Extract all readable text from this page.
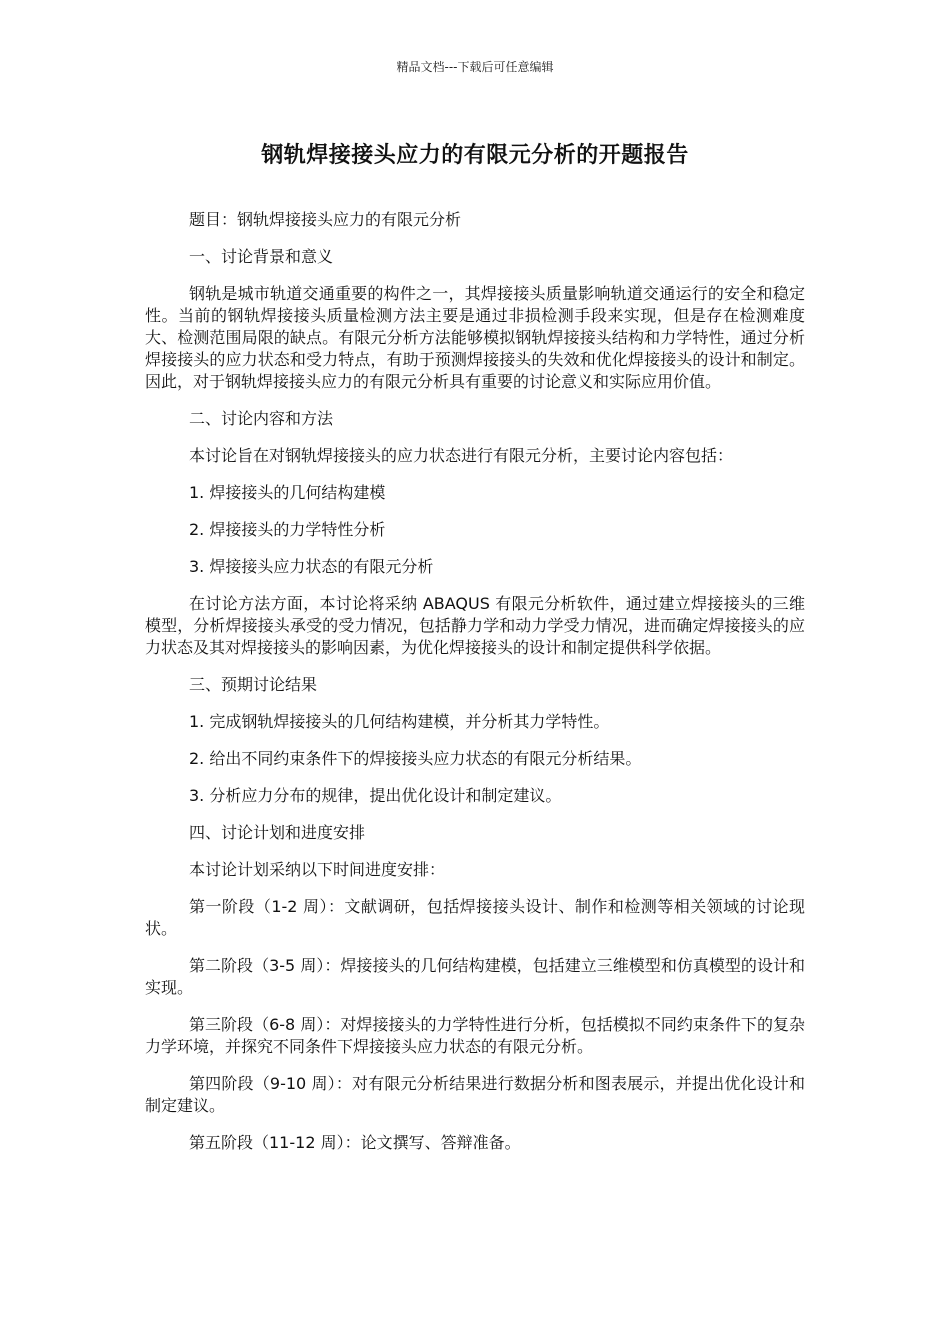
精品文档---下载后可任意编辑
钢轨焊接接头应力的有限元分析的开题报告

题目：钢轨焊接接头应力的有限元分析

一、讨论背景和意义

钢轨是城市轨道交通重要的构件之一，其焊接接头质量影响轨道交通运行的安全和稳定性。当前的钢轨焊接接头质量检测方法主要是通过非损检测手段来实现，但是存在检测难度大、检测范围局限的缺点。有限元分析方法能够模拟钢轨焊接接头结构和力学特性，通过分析焊接接头的应力状态和受力特点，有助于预测焊接接头的失效和优化焊接接头的设计和制定。因此，对于钢轨焊接接头应力的有限元分析具有重要的讨论意义和实际应用价值。

二、讨论内容和方法

本讨论旨在对钢轨焊接接头的应力状态进行有限元分析，主要讨论内容包括：

1. 焊接接头的几何结构建模

2. 焊接接头的力学特性分析

3. 焊接接头应力状态的有限元分析

在讨论方法方面，本讨论将采纳 ABAQUS 有限元分析软件，通过建立焊接接头的三维模型，分析焊接接头承受的受力情况，包括静力学和动力学受力情况，进而确定焊接接头的应力状态及其对焊接接头的影响因素，为优化焊接接头的设计和制定提供科学依据。

三、预期讨论结果

1. 完成钢轨焊接接头的几何结构建模，并分析其力学特性。

2. 给出不同约束条件下的焊接接头应力状态的有限元分析结果。

3. 分析应力分布的规律，提出优化设计和制定建议。

四、讨论计划和进度安排

本讨论计划采纳以下时间进度安排：

第一阶段（1-2 周）：文献调研，包括焊接接头设计、制作和检测等相关领域的讨论现状。

第二阶段（3-5 周）：焊接接头的几何结构建模，包括建立三维模型和仿真模型的设计和实现。

第三阶段（6-8 周）：对焊接接头的力学特性进行分析，包括模拟不同约束条件下的复杂力学环境，并探究不同条件下焊接接头应力状态的有限元分析。

第四阶段（9-10 周）：对有限元分析结果进行数据分析和图表展示，并提出优化设计和制定建议。

第五阶段（11-12 周）：论文撰写、答辩准备。
